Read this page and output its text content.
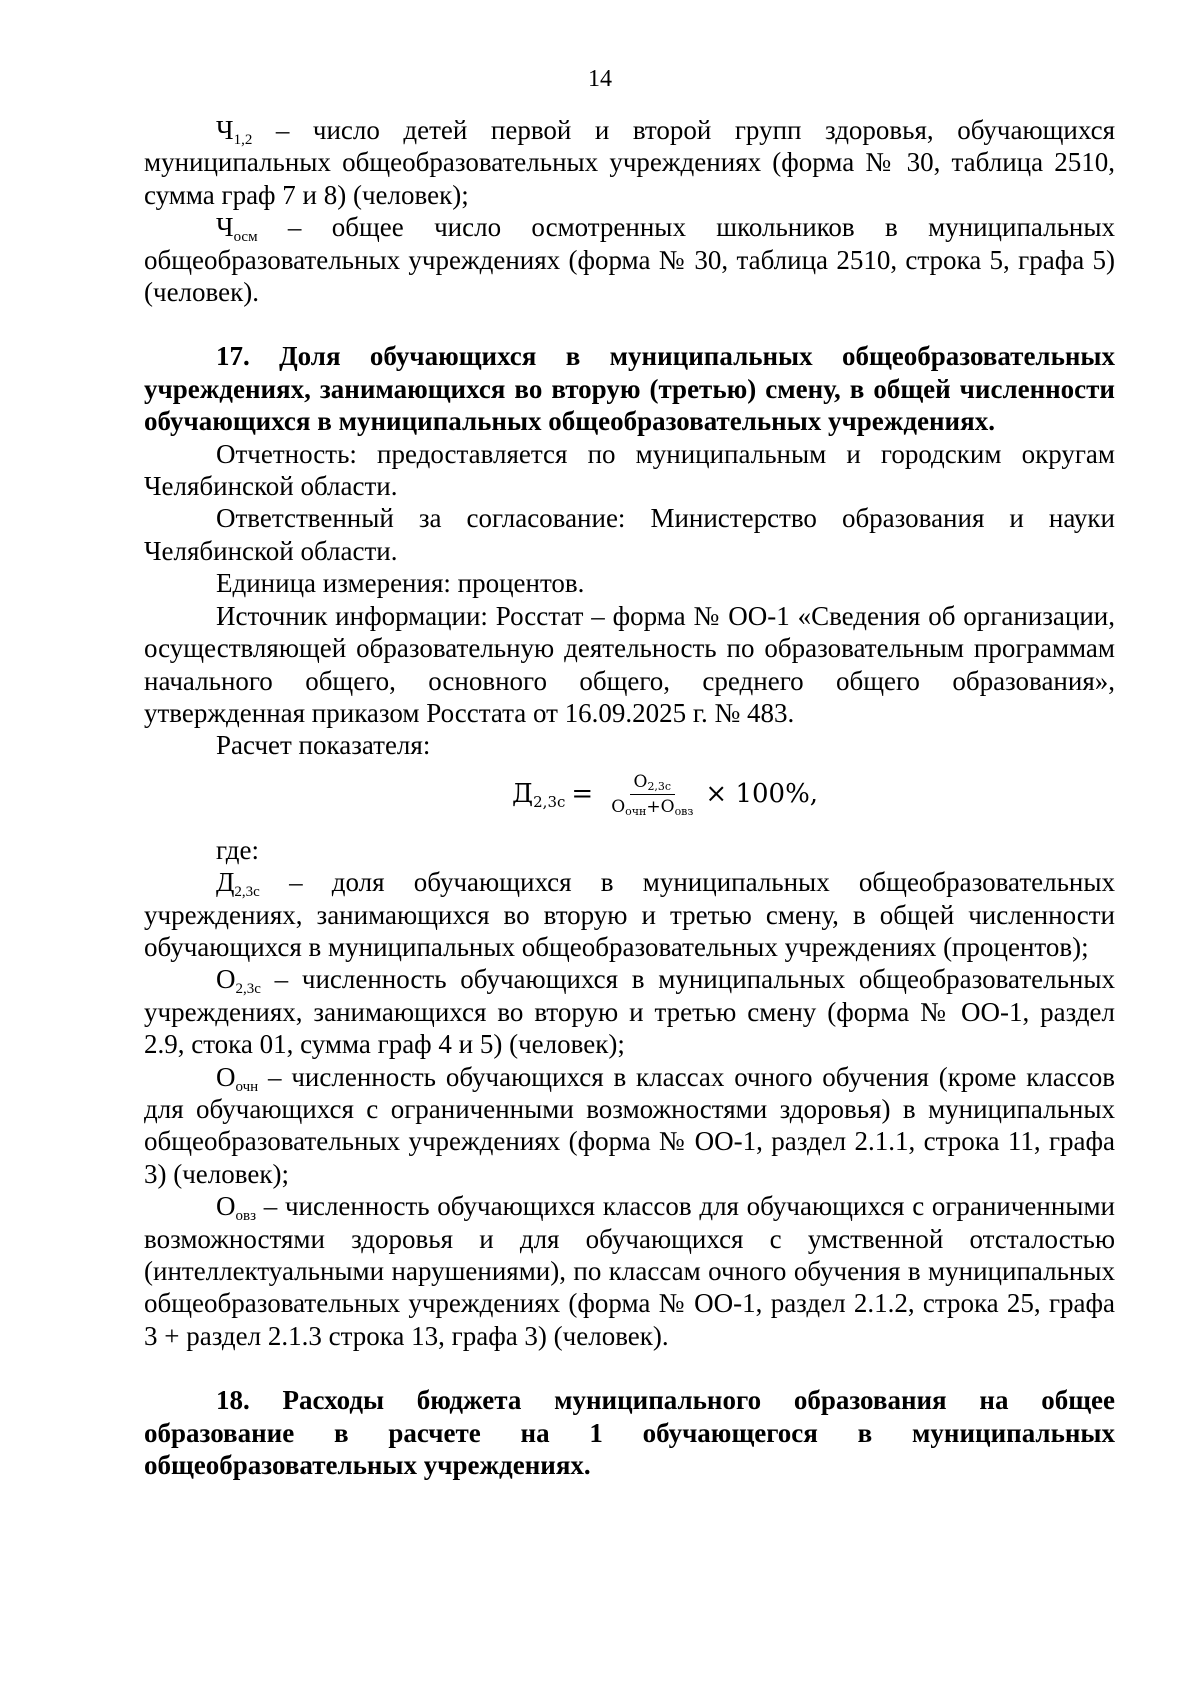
14

$Ч_{1,2}$ – число детей первой и второй групп здоровья, обучающихся муниципальных общеобразовательных учреждениях (форма № 30, таблица 2510, сумма граф 7 и 8) (человек);

$Ч_{осм}$ – общее число осмотренных школьников в муниципальных общеобразовательных учреждениях (форма № 30, таблица 2510, строка 5, графа 5) (человек).

17. Доля обучающихся в муниципальных общеобразовательных учреждениях, занимающихся во вторую (третью) смену, в общей численности обучающихся в муниципальных общеобразовательных учреждениях.

Отчетность: предоставляется по муниципальным и городским округам Челябинской области.

Ответственный за согласование: Министерство образования и науки Челябинской области.

Единица измерения: процентов.

Источник информации: Росстат – форма № ОО-1 «Сведения об организации, осуществляющей образовательную деятельность по образовательным программам начального общего, основного общего, среднего общего образования», утвержденная приказом Росстата от 16.09.2025 г. № 483.

Расчет показателя:

$Д_{2,3с} = \frac{О_{2,3с}}{О_{очн}+О_{овз}} \times 100\%$,

где:

$Д_{2,3с}$ – доля обучающихся в муниципальных общеобразовательных учреждениях, занимающихся во вторую и третью смену, в общей численности обучающихся в муниципальных общеобразовательных учреждениях (процентов);

$О_{2,3с}$ – численность обучающихся в муниципальных общеобразовательных учреждениях, занимающихся во вторую и третью смену (форма № ОО-1, раздел 2.9, стока 01, сумма граф 4 и 5) (человек);

$О_{очн}$ – численность обучающихся в классах очного обучения (кроме классов для обучающихся с ограниченными возможностями здоровья) в муниципальных общеобразовательных учреждениях (форма № ОО-1, раздел 2.1.1, строка 11, графа 3) (человек);

$О_{овз}$ – численность обучающихся классов для обучающихся с ограниченными возможностями здоровья и для обучающихся с умственной отсталостью (интеллектуальными нарушениями), по классам очного обучения в муниципальных общеобразовательных учреждениях (форма № ОО-1, раздел 2.1.2, строка 25, графа 3 + раздел 2.1.3 строка 13, графа 3) (человек).

18. Расходы бюджета муниципального образования на общее образование в расчете на 1 обучающегося в муниципальных общеобразовательных учреждениях.
